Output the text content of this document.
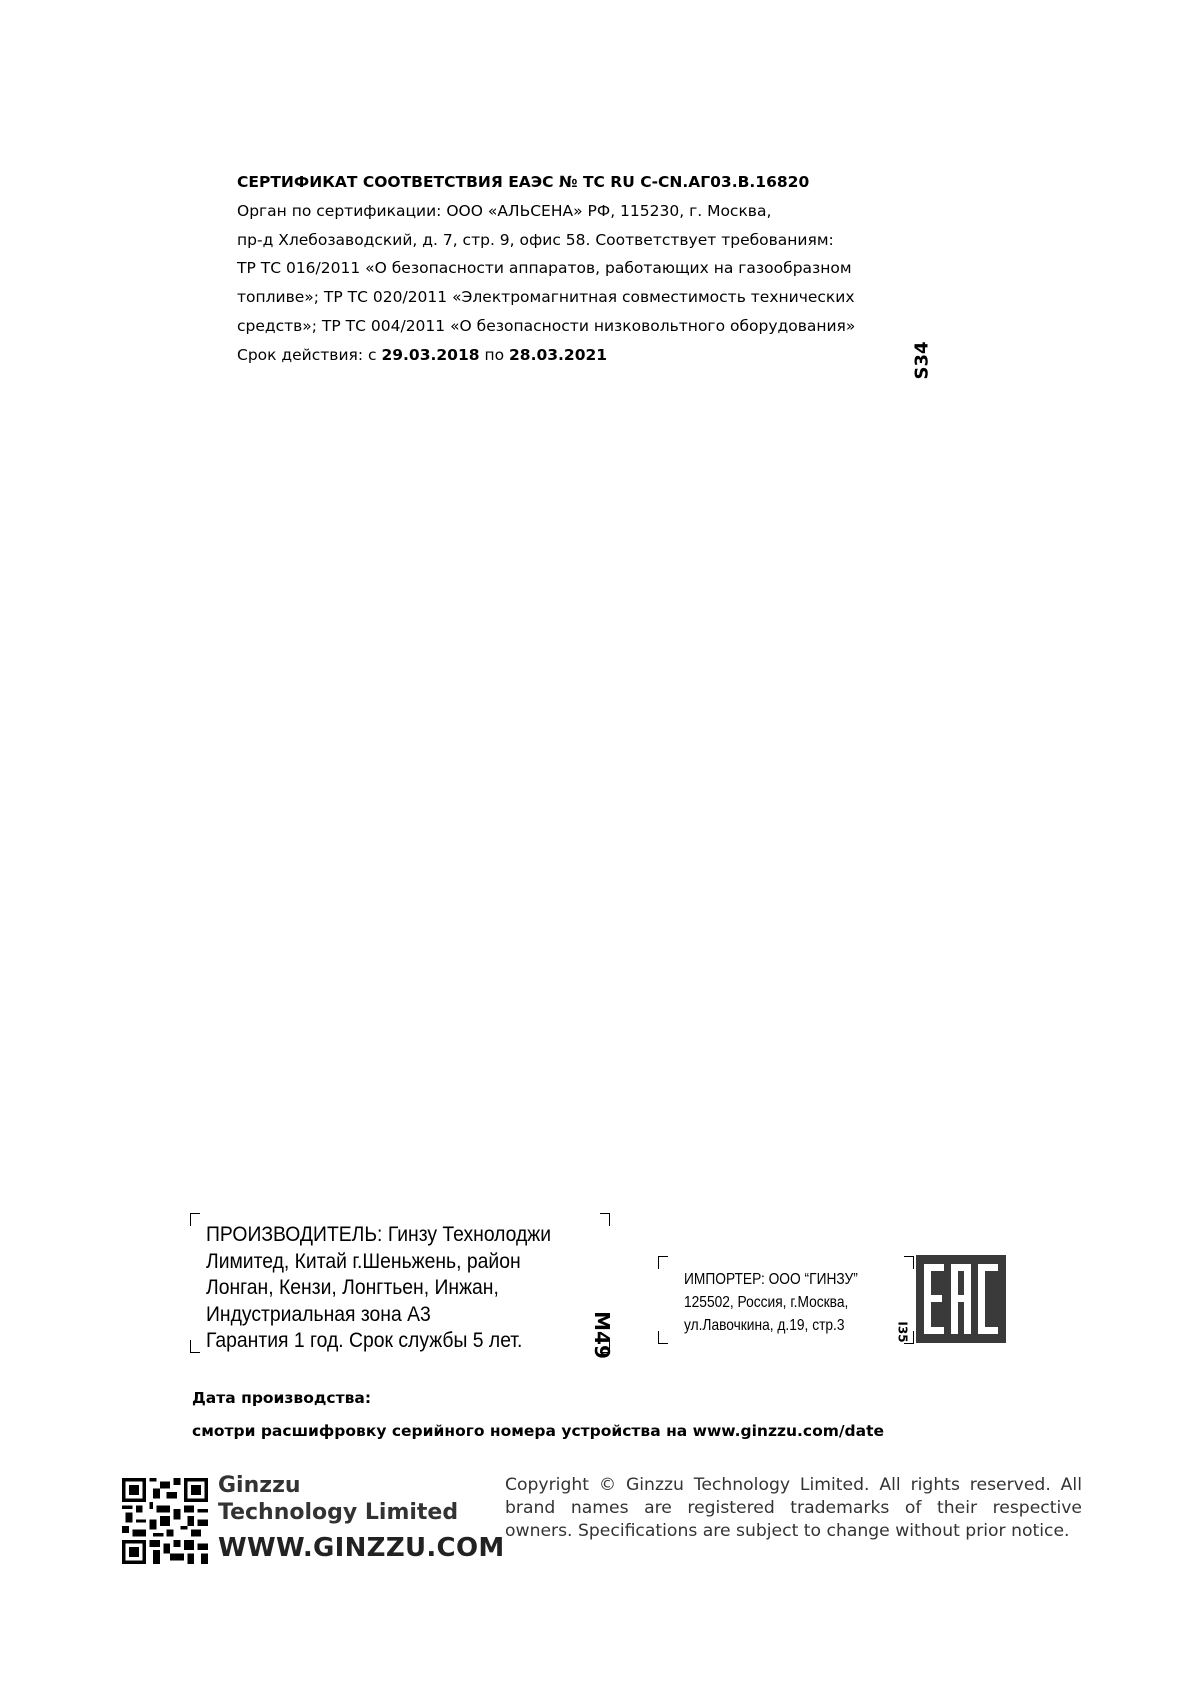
СЕРТИФИКАТ СООТВЕТСТВИЯ ЕАЭС № ТС RU С-CN.АГ03.В.16820
Орган по сертификации: ООО «АЛЬСЕНА» РФ, 115230, г. Москва,
пр-д Хлебозаводский, д. 7, стр. 9, офис 58. Соответствует требованиям:
ТР ТС 016/2011 «О безопасности аппаратов, работающих на газообразном
топливе»; ТР ТС 020/2011 «Электромагнитная совместимость технических
средств»; ТР ТС 004/2011 «О безопасности низковольтного оборудования»
Срок действия: с 29.03.2018 по 28.03.2021	S34
ПРОИЗВОДИТЕЛЬ: Гинзу Технолоджи
Лимитед, Китай г.Шеньжень, район
Лонган, Кензи, Лонгтьен, Инжан,
Индустриальная зона А3
Гарантия 1 год. Срок службы 5 лет.	M49
ИМПОРТЕР: ООО “ГИНЗУ”
125502, Россия, г.Москва,
ул.Лавочкина, д.19, стр.3	I35
Дата производства:
смотри расшифровку серийного номера устройства на www.ginzzu.com/date
Ginzzu
Technology Limited
WWW.GINZZU.COM
Copyright © Ginzzu Technology Limited. All rights reserved. All brand names are registered trademarks of their respective owners. Specifications are subject to change without prior notice.
